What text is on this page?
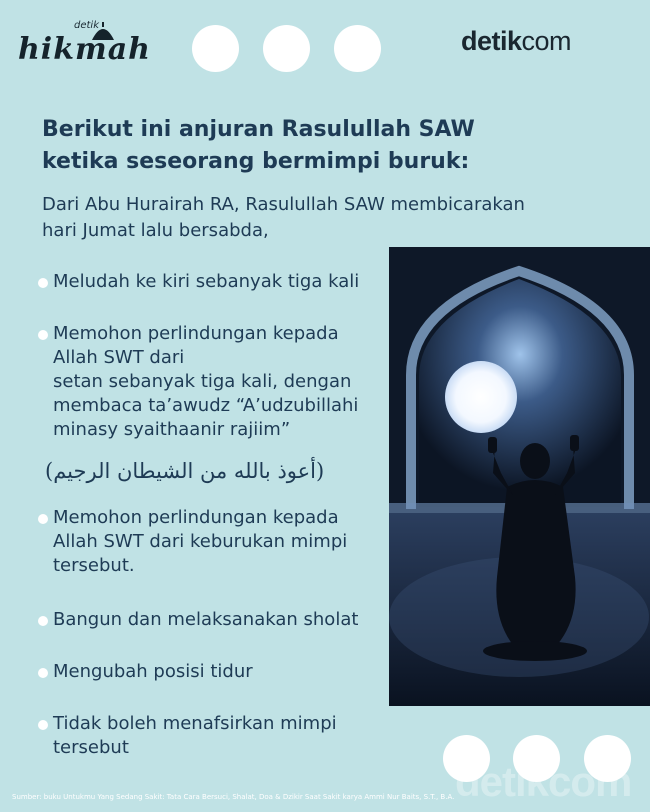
detik
hikmah	detikcom
Berikut ini anjuran Rasulullah SAW
ketika seseorang bermimpi buruk:
Dari Abu Hurairah RA, Rasulullah SAW membicarakan
hari Jumat lalu bersabda,
Meludah ke kiri sebanyak tiga kali
Memohon perlindungan kepada
Allah SWT dari
setan sebanyak tiga kali, dengan
membaca ta’awudz “A’udzubillahi
minasy syaithaanir rajiim”
(أعوذ بالله من الشيطان الرجيم)
Memohon perlindungan kepada
Allah SWT dari keburukan mimpi
tersebut.
Bangun dan melaksanakan sholat
Mengubah posisi tidur
Tidak boleh menafsirkan mimpi
tersebut
detikcom
Sumber: buku Untukmu Yang Sedang Sakit: Tata Cara Bersuci, Shalat, Doa & Dzikir Saat Sakit karya Ammi Nur Baits, S.T., B.A.
